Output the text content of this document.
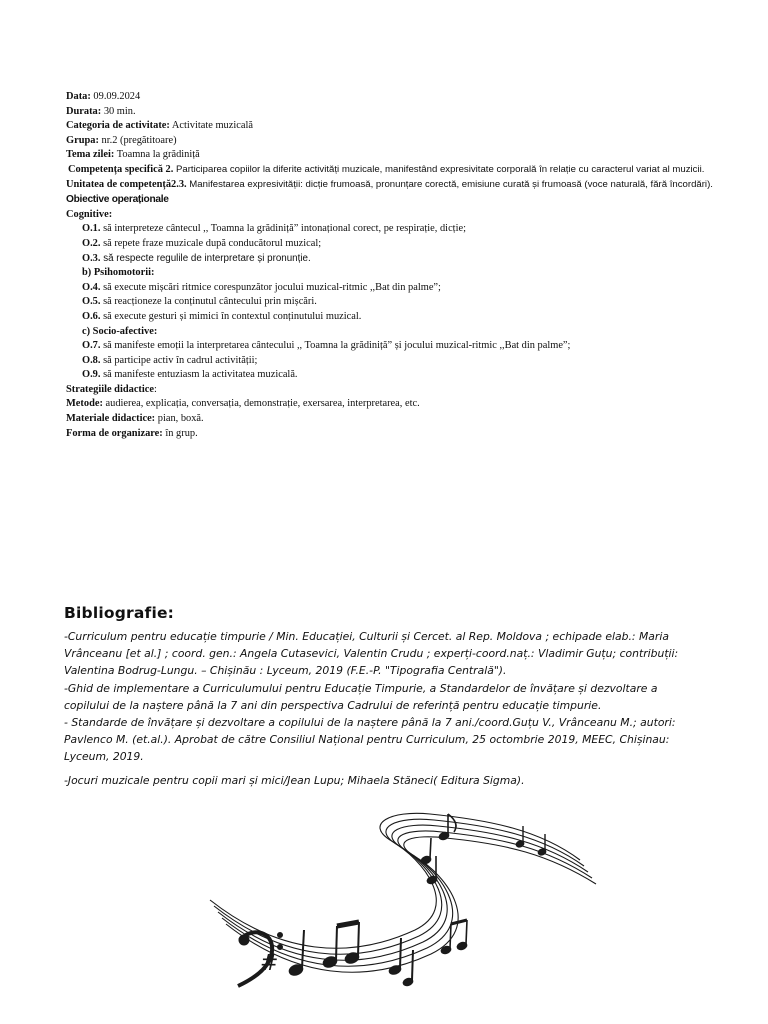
Data: 09.09.2024
Durata: 30 min.
Categoria de activitate: Activitate muzicală
Grupa: nr.2 (pregătitoare)
Tema zilei: Toamna la grădiniță
Competența specifică 2. Participarea copiilor la diferite activități muzicale, manifestând expresivitate corporală în relație cu caracterul variat al muzicii.
Unitatea de competență2.3. Manifestarea expresivității: dicție frumoasă, pronunțare corectă, emisiune curată și frumoasă (voce naturală, fără încordări).
Obiective operaționale
Cognitive:
O.1. să interpreteze cântecul ,, Toamna la grădiniță” intonațional corect, pe respirație, dicție;
O.2. să repete fraze muzicale după conducătorul muzical;
O.3. să respecte regulile de interpretare și pronunție.
b) Psihomotorii:
O.4. să execute mișcări ritmice corespunzător jocului muzical-ritmic ,,Bat din palme”;
O.5. să reacționeze la conținutul cântecului prin mișcări.
O.6. să execute gesturi și mimici în contextul conținutului muzical.
c) Socio-afective:
O.7. să manifeste emoții la interpretarea cântecului ,, Toamna la grădiniță” și jocului muzical-ritmic ,,Bat din palme”;
O.8. să participe activ în cadrul activității;
O.9. să manifeste entuziasm la activitatea muzicală.
Strategiile didactice:
Metode: audierea, explicația, conversația, demonstrație, exersarea, interpretarea, etc.
Materiale didactice: pian, boxă.
Forma de organizare: în grup.
Bibliografie:

-Curriculum pentru educație timpurie / Min. Educației, Culturii și Cercet. al Rep. Moldova ; echipade elab.: Maria Vrânceanu [et al.] ; coord. gen.: Angela Cutasevici, Valentin Crudu ; experți-coord.naț.: Vladimir Guțu; contribuții: Valentina Bodrug-Lungu. – Chișinău : Lyceum, 2019 (F.E.-P. "Tipografia Centrală").

-Ghid de implementare a Curriculumului pentru Educație Timpurie, a Standardelor de învățare și dezvoltare a copilului de la naștere până la 7 ani din perspectiva Cadrului de referință pentru educație timpurie.

- Standarde de învățare și dezvoltare a copilului de la naștere până la 7 ani./coord.Guțu V., Vrânceanu M.; autori: Pavlenco M. (et.al.). Aprobat de către Consiliul Național pentru Curriculum, 25 octombrie 2019, MEEC, Chișinau: Lyceum, 2019.

-Jocuri muzicale pentru copii mari și mici/Jean Lupu; Mihaela Stăneci( Editura Sigma).

#
